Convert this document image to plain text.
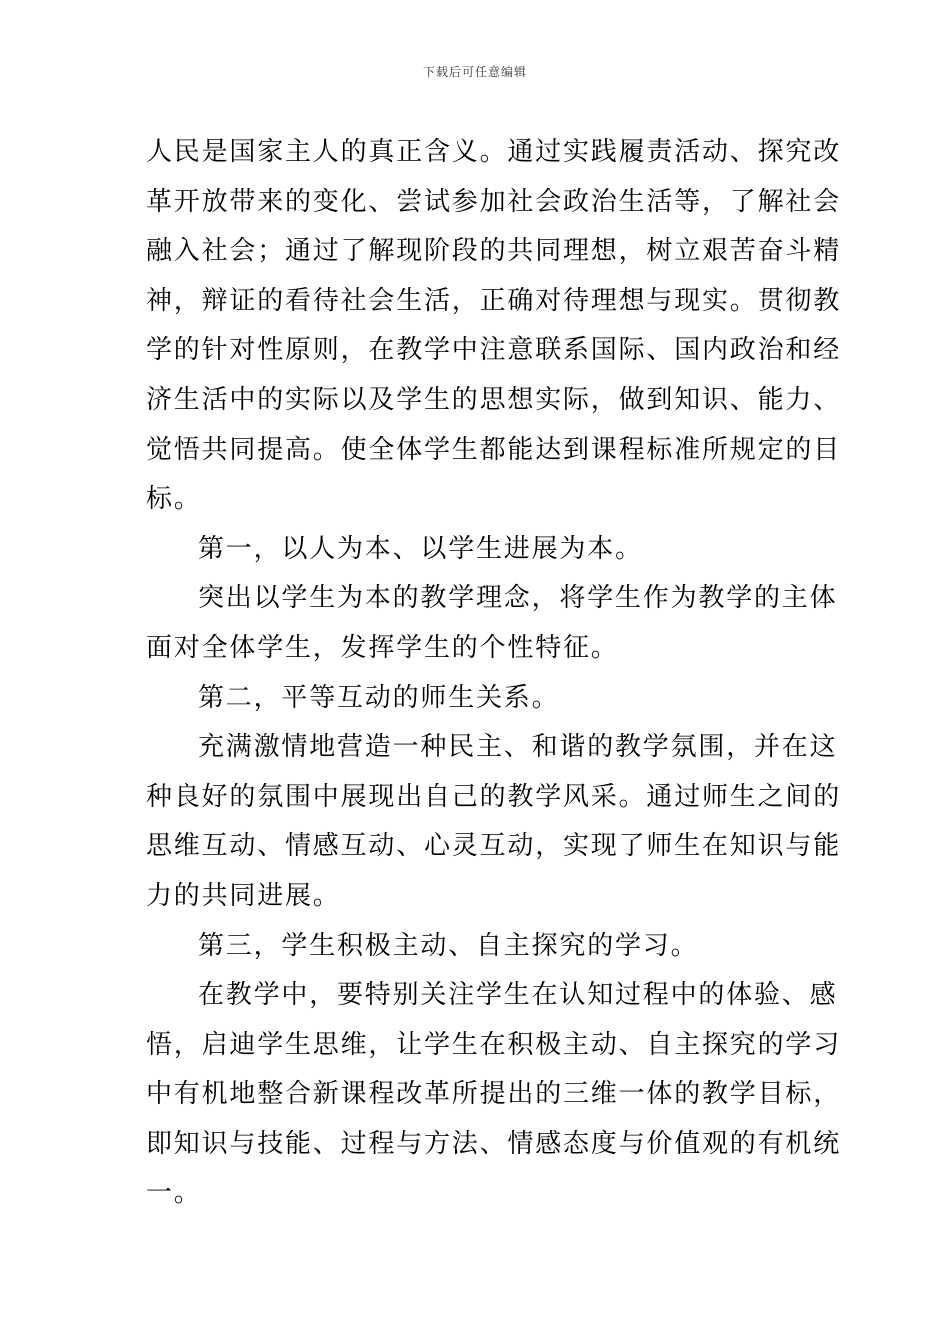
下载后可任意编辑
人民是国家主人的真正含义。通过实践履责活动、探究改
革开放带来的变化、尝试参加社会政治生活等，了解社会
融入社会；通过了解现阶段的共同理想，树立艰苦奋斗精
神，辩证的看待社会生活，正确对待理想与现实。贯彻教
学的针对性原则，在教学中注意联系国际、国内政治和经
济生活中的实际以及学生的思想实际，做到知识、能力、
觉悟共同提高。使全体学生都能达到课程标准所规定的目
标。
第一，以人为本、以学生进展为本。
突出以学生为本的教学理念，将学生作为教学的主体
面对全体学生，发挥学生的个性特征。
第二，平等互动的师生关系。
充满激情地营造一种民主、和谐的教学氛围，并在这
种良好的氛围中展现出自己的教学风采。通过师生之间的
思维互动、情感互动、心灵互动，实现了师生在知识与能
力的共同进展。
第三，学生积极主动、自主探究的学习。
在教学中，要特别关注学生在认知过程中的体验、感
悟，启迪学生思维，让学生在积极主动、自主探究的学习
中有机地整合新课程改革所提出的三维一体的教学目标，
即知识与技能、过程与方法、情感态度与价值观的有机统
一。
